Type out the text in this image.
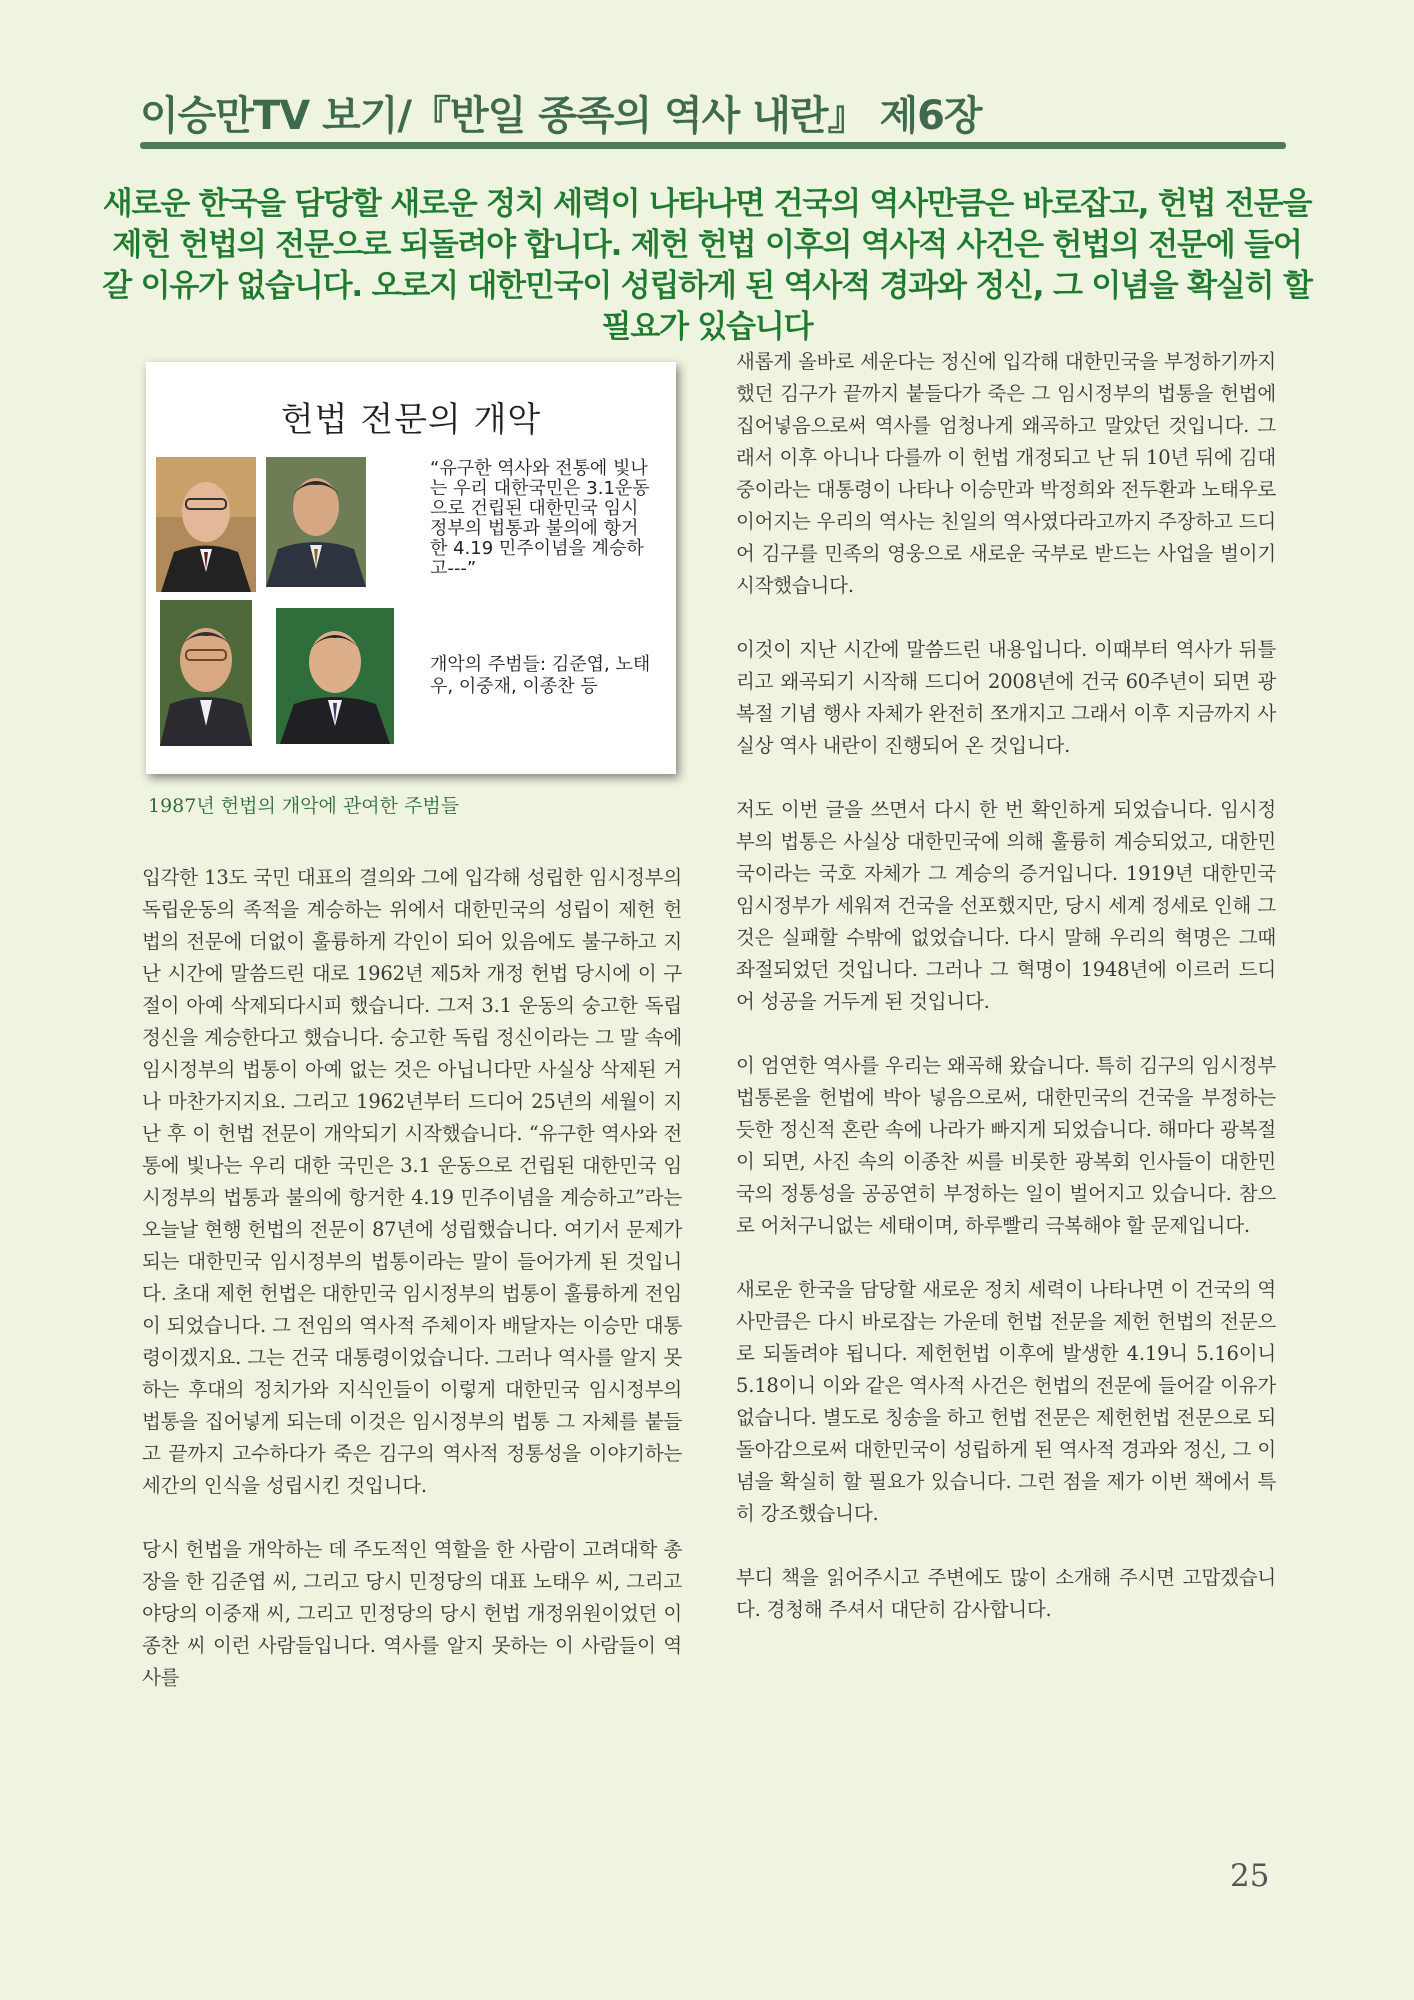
이승만TV 보기/『반일 종족의 역사 내란』 제6장
새로운 한국을 담당할 새로운 정치 세력이 나타나면 건국의 역사만큼은 바로잡고, 헌법 전문을 제헌 헌법의 전문으로 되돌려야 합니다. 제헌 헌법 이후의 역사적 사건은 헌법의 전문에 들어갈 이유가 없습니다. 오로지 대한민국이 성립하게 된 역사적 경과와 정신, 그 이념을 확실히 할 필요가 있습니다
헌법 전문의 개악
“유구한 역사와 전통에 빛나는 우리 대한국민은 3.1운동으로 건립된 대한민국 임시정부의 법통과 불의에 항거한 4.19 민주이념을 계승하고---”
개악의 주범들: 김준엽, 노태우, 이중재, 이종찬 등
1987년 헌법의 개악에 관여한 주범들

입각한 13도 국민 대표의 결의와 그에 입각해 성립한 임시정부의 독립운동의 족적을 계승하는 위에서 대한민국의 성립이 제헌 헌법의 전문에 더없이 훌륭하게 각인이 되어 있음에도 불구하고 지난 시간에 말씀드린 대로 1962년 제5차 개정 헌법 당시에 이 구절이 아예 삭제되다시피 했습니다. 그저 3.1 운동의 숭고한 독립 정신을 계승한다고 했습니다. 숭고한 독립 정신이라는 그 말 속에 임시정부의 법통이 아예 없는 것은 아닙니다만 사실상 삭제된 거나 마찬가지지요. 그리고 1962년부터 드디어 25년의 세월이 지난 후 이 헌법 전문이 개악되기 시작했습니다. “유구한 역사와 전통에 빛나는 우리 대한 국민은 3.1 운동으로 건립된 대한민국 임시정부의 법통과 불의에 항거한 4.19 민주이념을 계승하고”라는 오늘날 현행 헌법의 전문이 87년에 성립했습니다. 여기서 문제가 되는 대한민국 임시정부의 법통이라는 말이 들어가게 된 것입니다. 초대 제헌 헌법은 대한민국 임시정부의 법통이 훌륭하게 전임이 되었습니다. 그 전임의 역사적 주체이자 배달자는 이승만 대통령이겠지요. 그는 건국 대통령이었습니다. 그러나 역사를 알지 못하는 후대의 정치가와 지식인들이 이렇게 대한민국 임시정부의 법통을 집어넣게 되는데 이것은 임시정부의 법통 그 자체를 붙들고 끝까지 고수하다가 죽은 김구의 역사적 정통성을 이야기하는 세간의 인식을 성립시킨 것입니다.

당시 헌법을 개악하는 데 주도적인 역할을 한 사람이 고려대학 총장을 한 김준엽 씨, 그리고 당시 민정당의 대표 노태우 씨, 그리고 야당의 이중재 씨, 그리고 민정당의 당시 헌법 개정위원이었던 이종찬 씨 이런 사람들입니다. 역사를 알지 못하는 이 사람들이 역사를

새롭게 올바로 세운다는 정신에 입각해 대한민국을 부정하기까지 했던 김구가 끝까지 붙들다가 죽은 그 임시정부의 법통을 헌법에 집어넣음으로써 역사를 엄청나게 왜곡하고 말았던 것입니다. 그래서 이후 아니나 다를까 이 헌법 개정되고 난 뒤 10년 뒤에 김대중이라는 대통령이 나타나 이승만과 박정희와 전두환과 노태우로 이어지는 우리의 역사는 친일의 역사였다라고까지 주장하고 드디어 김구를 민족의 영웅으로 새로운 국부로 받드는 사업을 벌이기 시작했습니다.

이것이 지난 시간에 말씀드린 내용입니다. 이때부터 역사가 뒤틀리고 왜곡되기 시작해 드디어 2008년에 건국 60주년이 되면 광복절 기념 행사 자체가 완전히 쪼개지고 그래서 이후 지금까지 사실상 역사 내란이 진행되어 온 것입니다.

저도 이번 글을 쓰면서 다시 한 번 확인하게 되었습니다. 임시정부의 법통은 사실상 대한민국에 의해 훌륭히 계승되었고, 대한민국이라는 국호 자체가 그 계승의 증거입니다. 1919년 대한민국 임시정부가 세워져 건국을 선포했지만, 당시 세계 정세로 인해 그것은 실패할 수밖에 없었습니다. 다시 말해 우리의 혁명은 그때 좌절되었던 것입니다. 그러나 그 혁명이 1948년에 이르러 드디어 성공을 거두게 된 것입니다.

이 엄연한 역사를 우리는 왜곡해 왔습니다. 특히 김구의 임시정부 법통론을 헌법에 박아 넣음으로써, 대한민국의 건국을 부정하는 듯한 정신적 혼란 속에 나라가 빠지게 되었습니다. 해마다 광복절이 되면, 사진 속의 이종찬 씨를 비롯한 광복회 인사들이 대한민국의 정통성을 공공연히 부정하는 일이 벌어지고 있습니다. 참으로 어처구니없는 세태이며, 하루빨리 극복해야 할 문제입니다.

새로운 한국을 담당할 새로운 정치 세력이 나타나면 이 건국의 역사만큼은 다시 바로잡는 가운데 헌법 전문을 제헌 헌법의 전문으로 되돌려야 됩니다. 제헌헌법 이후에 발생한 4.19니 5.16이니 5.18이니 이와 같은 역사적 사건은 헌법의 전문에 들어갈 이유가 없습니다. 별도로 칭송을 하고 헌법 전문은 제헌헌법 전문으로 되돌아감으로써 대한민국이 성립하게 된 역사적 경과와 정신, 그 이념을 확실히 할 필요가 있습니다. 그런 점을 제가 이번 책에서 특히 강조했습니다.

부디 책을 읽어주시고 주변에도 많이 소개해 주시면 고맙겠습니다. 경청해 주셔서 대단히 감사합니다.

25
